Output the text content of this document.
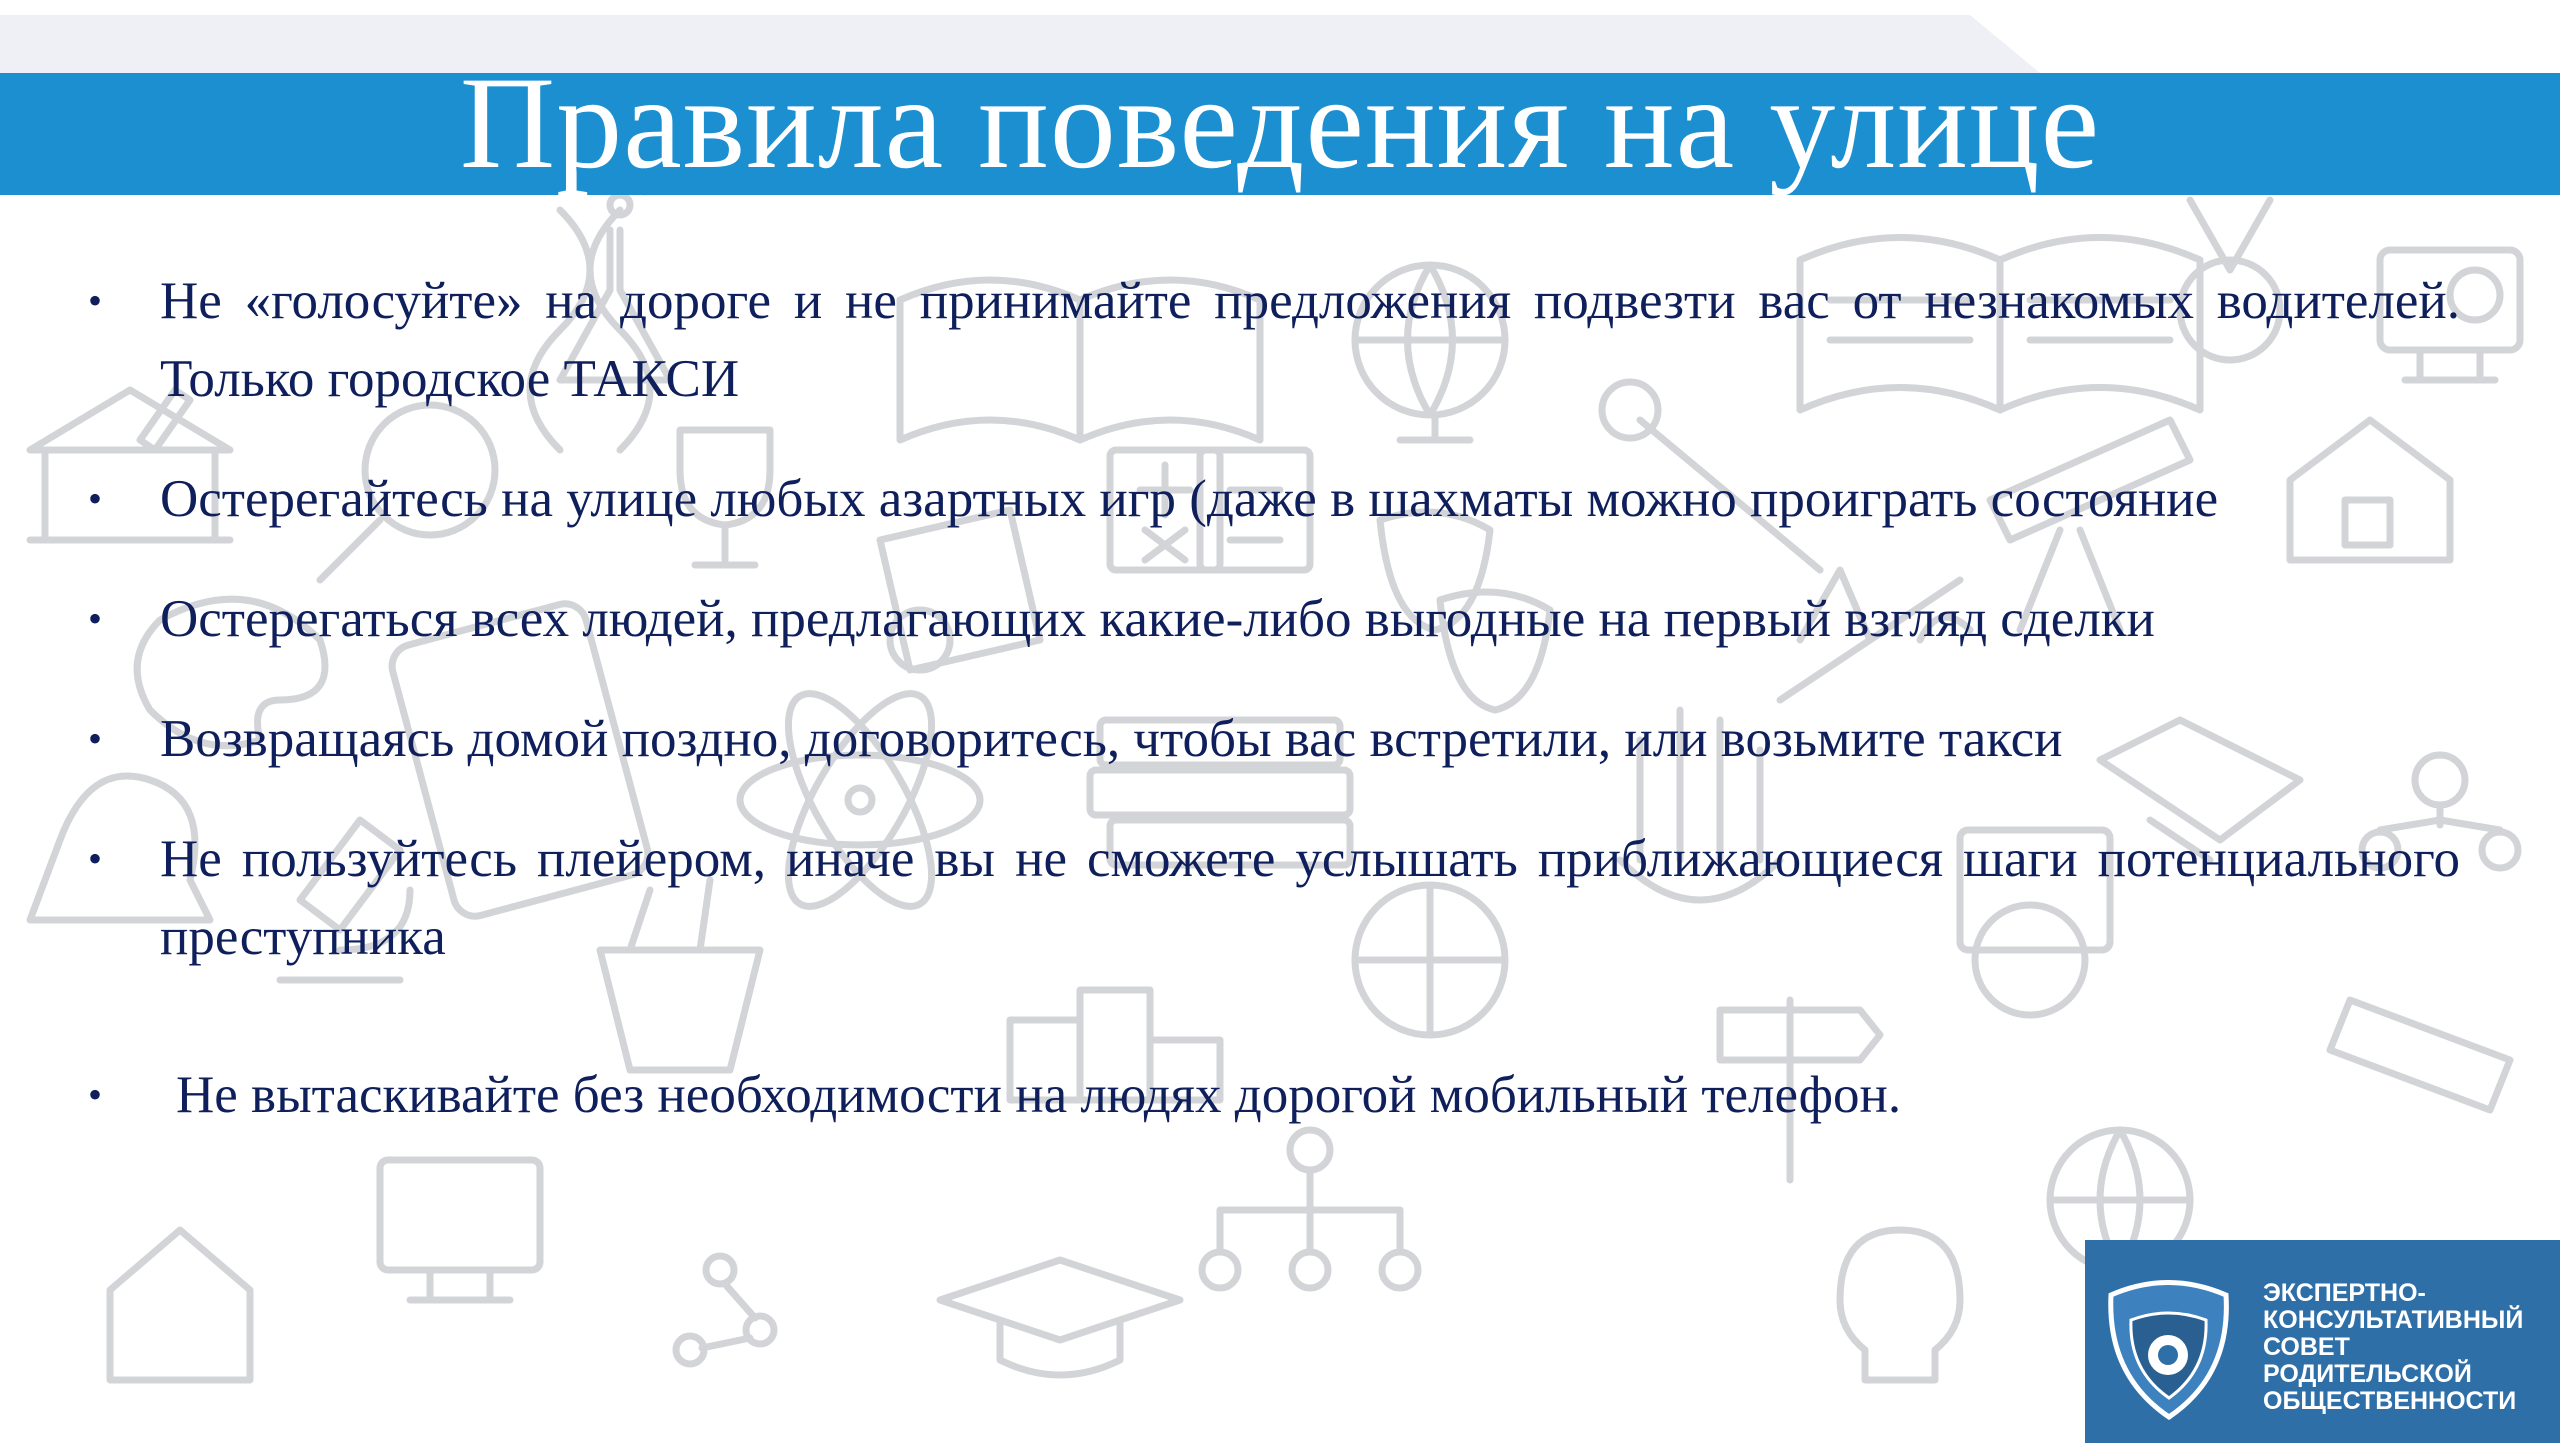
Правила поведения на улице
• Не «голосуйте» на дороге и не принимайте предложения подвезти вас от незнакомых водителей. Только городское ТАКСИ
• Остерегайтесь на улице любых азартных игр (даже в шахматы можно проиграть состояние
• Остерегаться всех людей, предлагающих какие-либо выгодные на первый взгляд сделки
• Возвращаясь домой поздно, договоритесь, чтобы вас встретили, или возьмите такси
• Не пользуйтесь плейером, иначе вы не сможете услышать приближающиеся шаги потенциального преступника
• Не вытаскивайте без необходимости на людях дорогой мобильный телефон.
ЭКСПЕРТНО-
КОНСУЛЬТАТИВНЫЙ
СОВЕТ
РОДИТЕЛЬСКОЙ
ОБЩЕСТВЕННОСТИ
